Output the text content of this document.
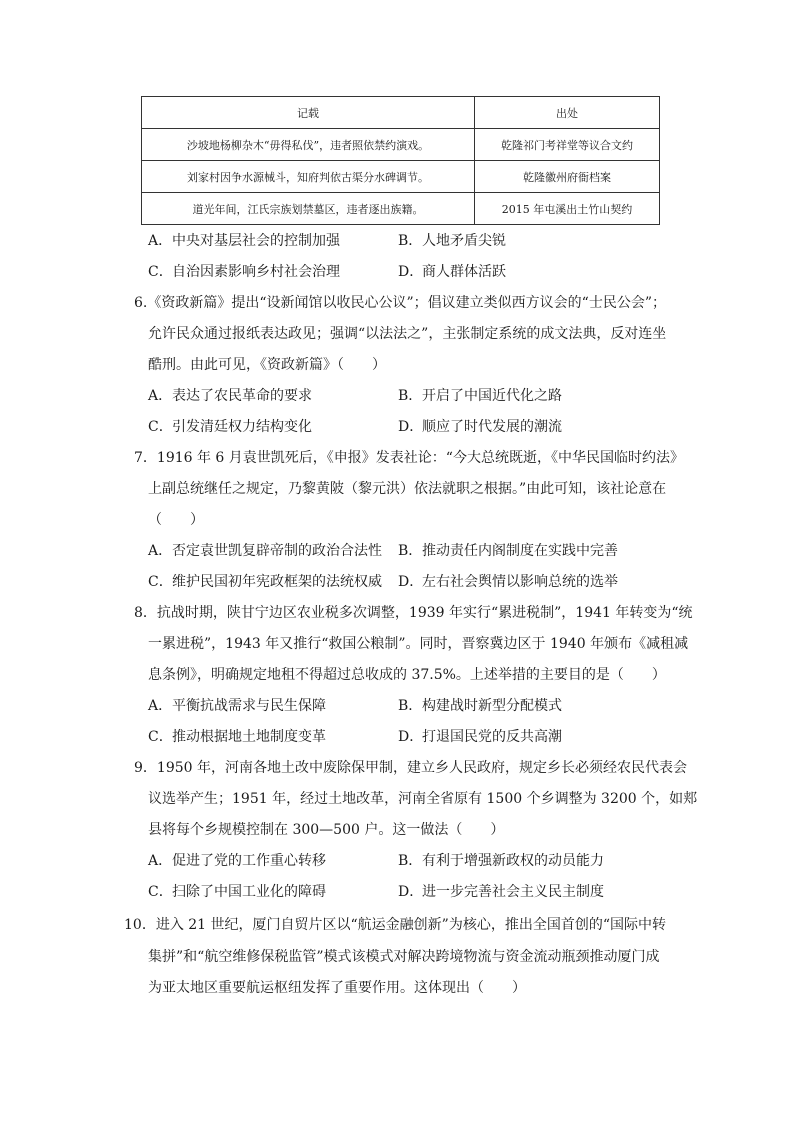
记载	出处
沙坡地杨柳杂木“毋得私伐”，违者照依禁约演戏。	乾隆祁门考祥堂等议合文约
刘家村因争水源械斗，知府判依古渠分水碑调节。	乾隆徽州府衙档案
道光年间，江氏宗族划禁墓区，违者逐出族籍。	2015 年屯溪出土竹山契约
A．中央对基层社会的控制加强	B．人地矛盾尖锐
C．自治因素影响乡村社会治理	D．商人群体活跃
6.《资政新篇》提出“设新闻馆以收民心公议”；倡议建立类似西方议会的“士民公会”；
允许民众通过报纸表达政见；强调“以法法之”，主张制定系统的成文法典，反对连坐
酷刑。由此可见，《资政新篇》（　　）
A．表达了农民革命的要求	B．开启了中国近代化之路
C．引发清廷权力结构变化	D．顺应了时代发展的潮流
7．1916 年 6 月袁世凯死后，《申报》发表社论：“今大总统既逝，《中华民国临时约法》
上副总统继任之规定，乃黎黄陂（黎元洪）依法就职之根据。”由此可知，该社论意在
（　　）
A．否定袁世凯复辟帝制的政治合法性 B．推动责任内阁制度在实践中完善
C．维护民国初年宪政框架的法统权威 D．左右社会舆情以影响总统的选举
8．抗战时期，陕甘宁边区农业税多次调整，1939 年实行“累进税制”，1941 年转变为“统
一累进税”，1943 年又推行“救国公粮制”。同时，晋察冀边区于 1940 年颁布《减租减
息条例》，明确规定地租不得超过总收成的 37.5%。上述举措的主要目的是（　　）
A．平衡抗战需求与民生保障	B．构建战时新型分配模式
C．推动根据地土地制度变革	D．打退国民党的反共高潮
9．1950 年，河南各地土改中废除保甲制，建立乡人民政府，规定乡长必须经农民代表会
议选举产生；1951 年，经过土地改革，河南全省原有 1500 个乡调整为 3200 个，如郏
县将每个乡规模控制在 300—500 户。这一做法（　　）
A．促进了党的工作重心转移	B．有利于增强新政权的动员能力
C．扫除了中国工业化的障碍	D．进一步完善社会主义民主制度
10．进入 21 世纪，厦门自贸片区以“航运金融创新”为核心，推出全国首创的“国际中转
集拼”和“航空维修保税监管”模式该模式对解决跨境物流与资金流动瓶颈推动厦门成
为亚太地区重要航运枢纽发挥了重要作用。这体现出（　　）
